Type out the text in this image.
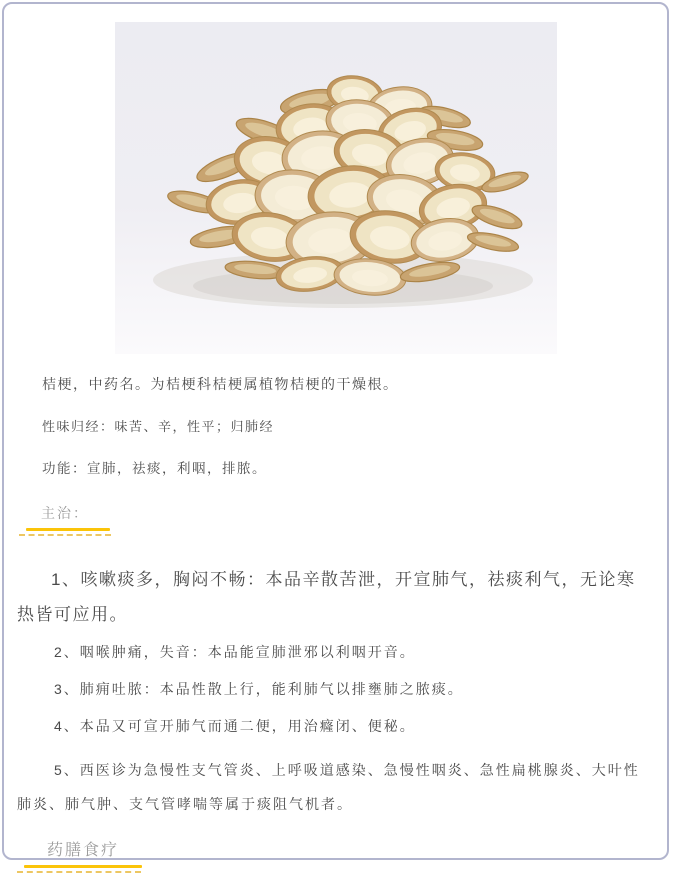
桔梗，中药名。为桔梗科桔梗属植物桔梗的干燥根。

性味归经：味苦、辛，性平；归肺经

功能：宣肺，祛痰，利咽，排脓。

主治：

1、咳嗽痰多，胸闷不畅：本品辛散苦泄，开宣肺气，祛痰利气，无论寒热皆可应用。

2、咽喉肿痛，失音：本品能宣肺泄邪以利咽开音。

3、肺痈吐脓：本品性散上行，能利肺气以排壅肺之脓痰。

4、本品又可宣开肺气而通二便，用治癃闭、便秘。

5、西医诊为急慢性支气管炎、上呼吸道感染、急慢性咽炎、急性扁桃腺炎、大叶性肺炎、肺气肿、支气管哮喘等属于痰阻气机者。

药膳食疗
